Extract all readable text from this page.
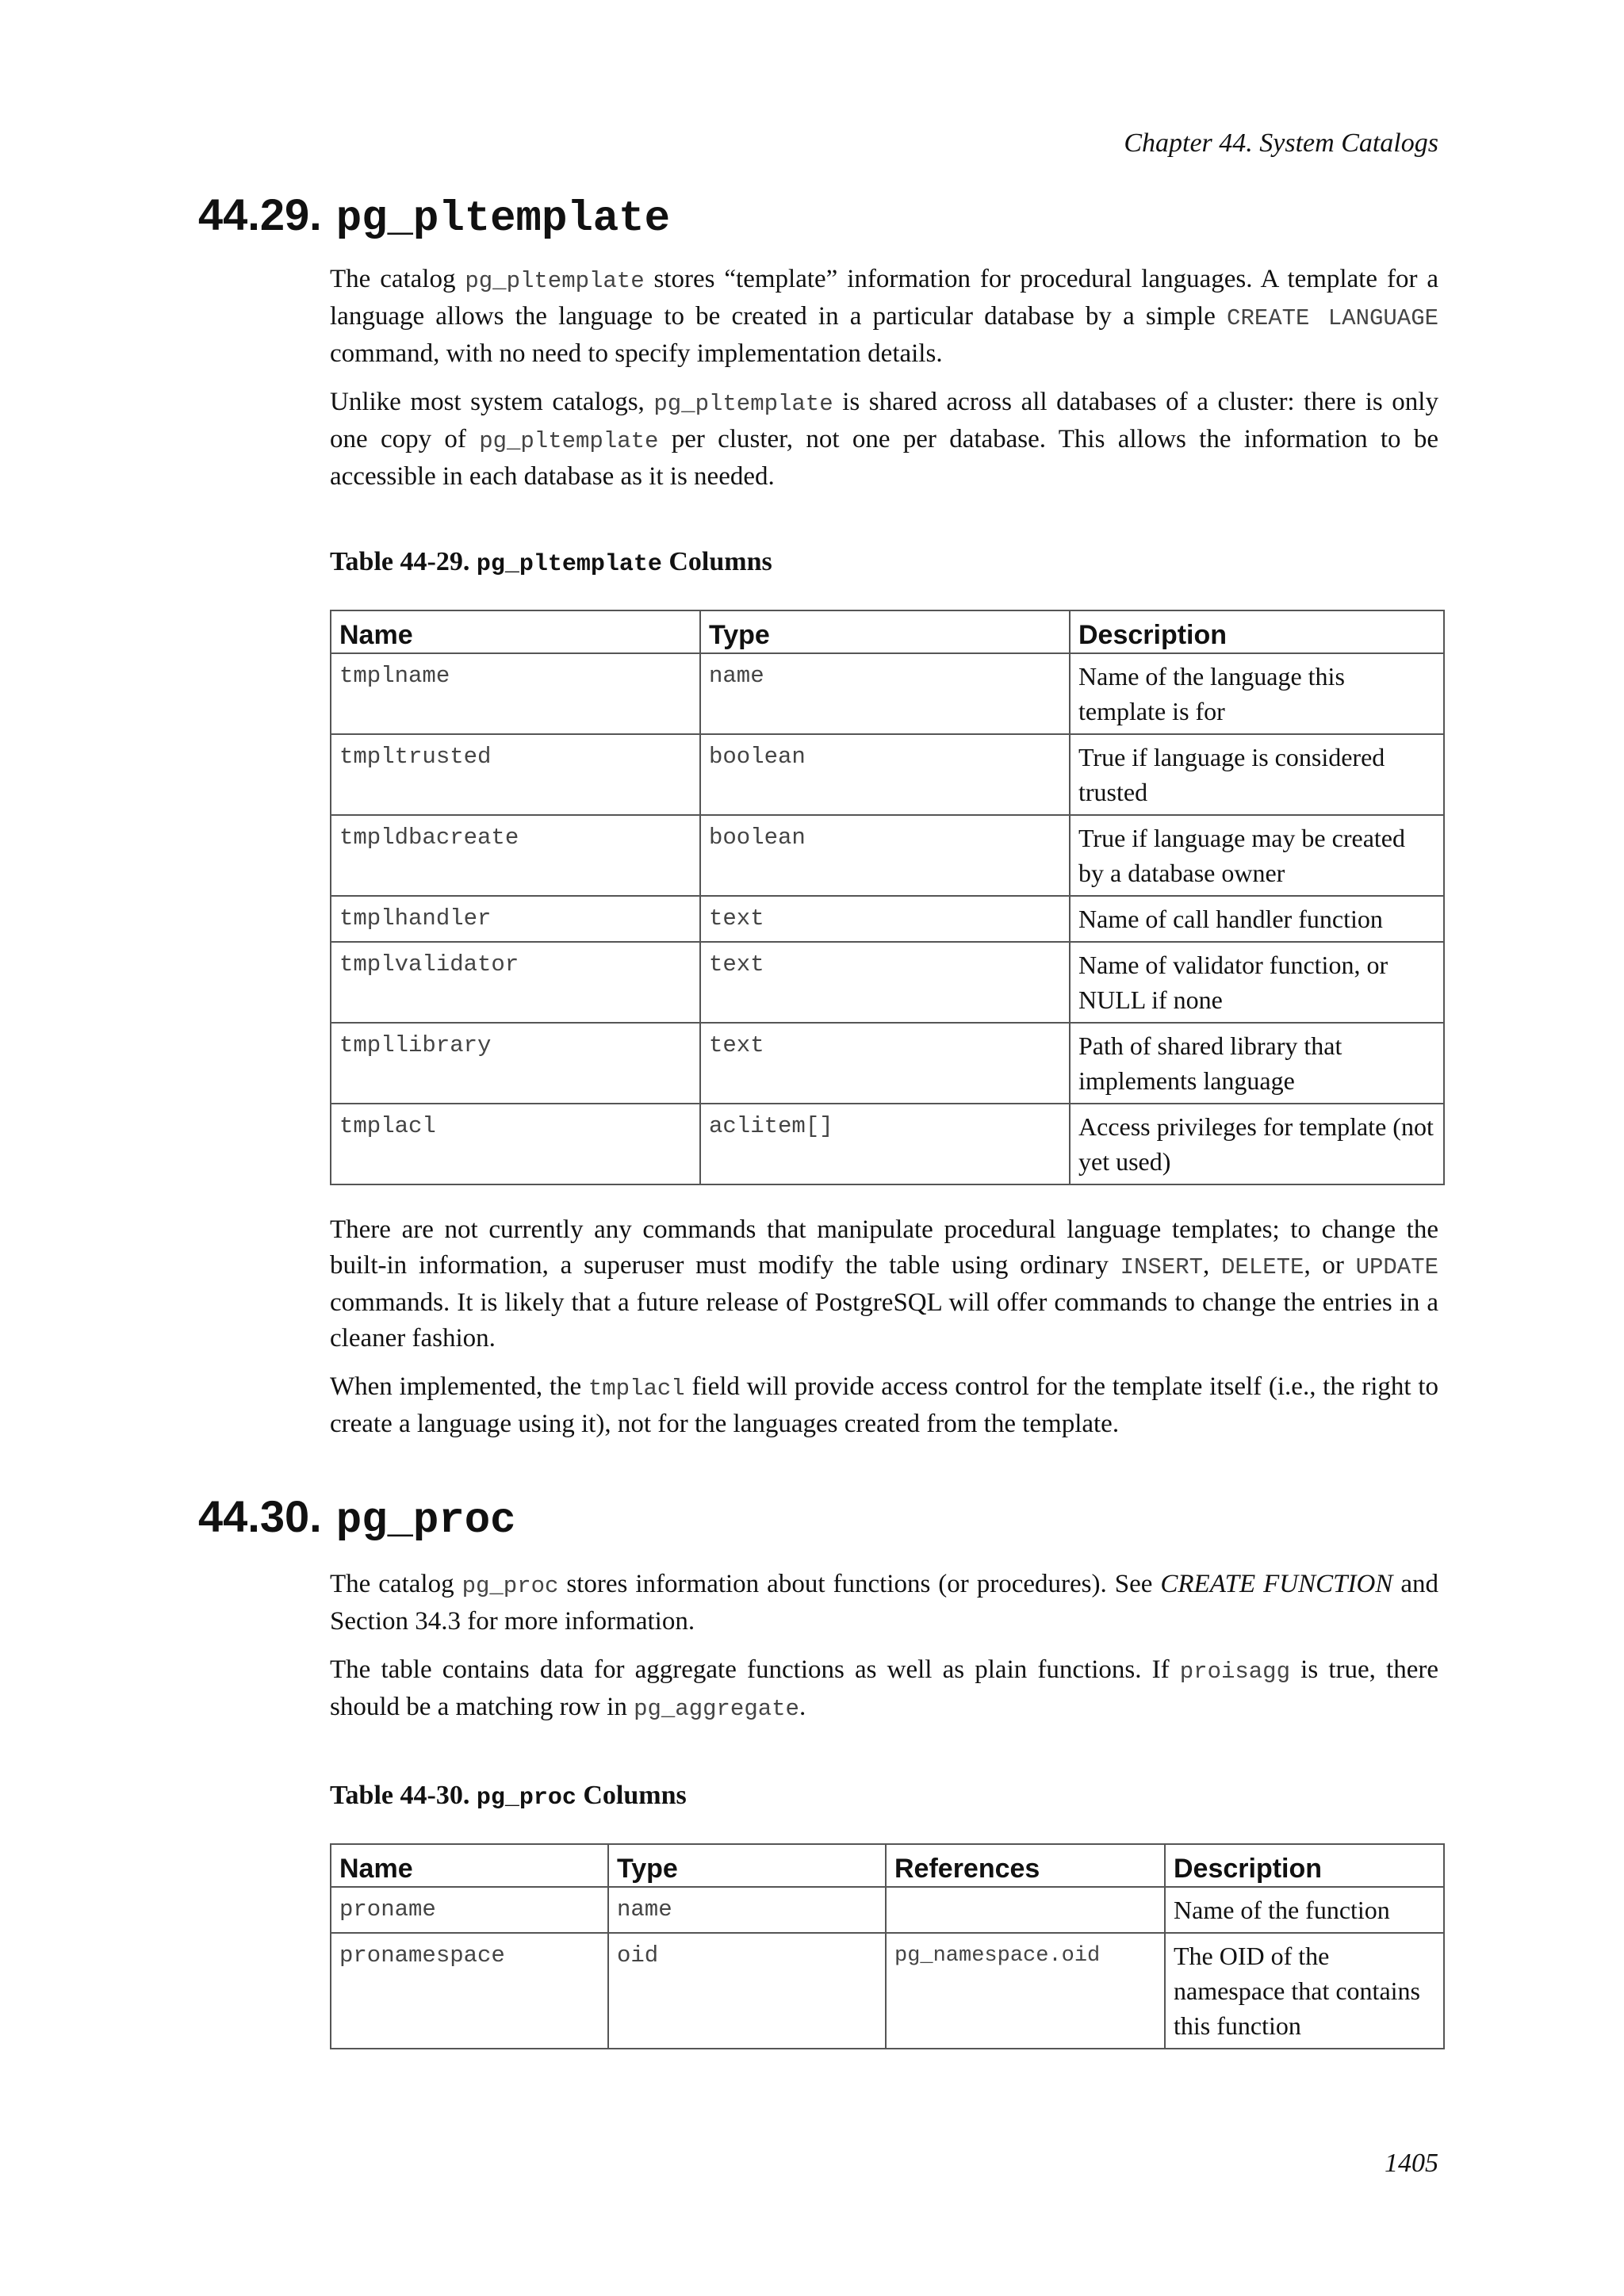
Chapter 44. System Catalogs
44.29. pg_pltemplate

The catalog pg_pltemplate stores “template” information for procedural languages. A template for a language allows the language to be created in a particular database by a simple CREATE LANGUAGE command, with no need to specify implementation details.

Unlike most system catalogs, pg_pltemplate is shared across all databases of a cluster: there is only one copy of pg_pltemplate per cluster, not one per database. This allows the information to be accessible in each database as it is needed.

Table 44-29. pg_pltemplate Columns

Name	Type	Description
tmplname	name	Name of the language this template is for
tmpltrusted	boolean	True if language is considered trusted
tmpldbacreate	boolean	True if language may be created by a database owner
tmplhandler	text	Name of call handler function
tmplvalidator	text	Name of validator function, or NULL if none
tmpllibrary	text	Path of shared library that implements language
tmplacl	aclitem[]	Access privileges for template (not yet used)

There are not currently any commands that manipulate procedural language templates; to change the built-in information, a superuser must modify the table using ordinary INSERT, DELETE, or UPDATE commands. It is likely that a future release of PostgreSQL will offer commands to change the entries in a cleaner fashion.

When implemented, the tmplacl field will provide access control for the template itself (i.e., the right to create a language using it), not for the languages created from the template.

44.30. pg_proc

The catalog pg_proc stores information about functions (or procedures). See CREATE FUNCTION and Section 34.3 for more information.

The table contains data for aggregate functions as well as plain functions. If proisagg is true, there should be a matching row in pg_aggregate.

Table 44-30. pg_proc Columns

Name	Type	References	Description
proname	name		Name of the function
pronamespace	oid	pg_namespace.oid	The OID of the namespace that contains this function
1405
